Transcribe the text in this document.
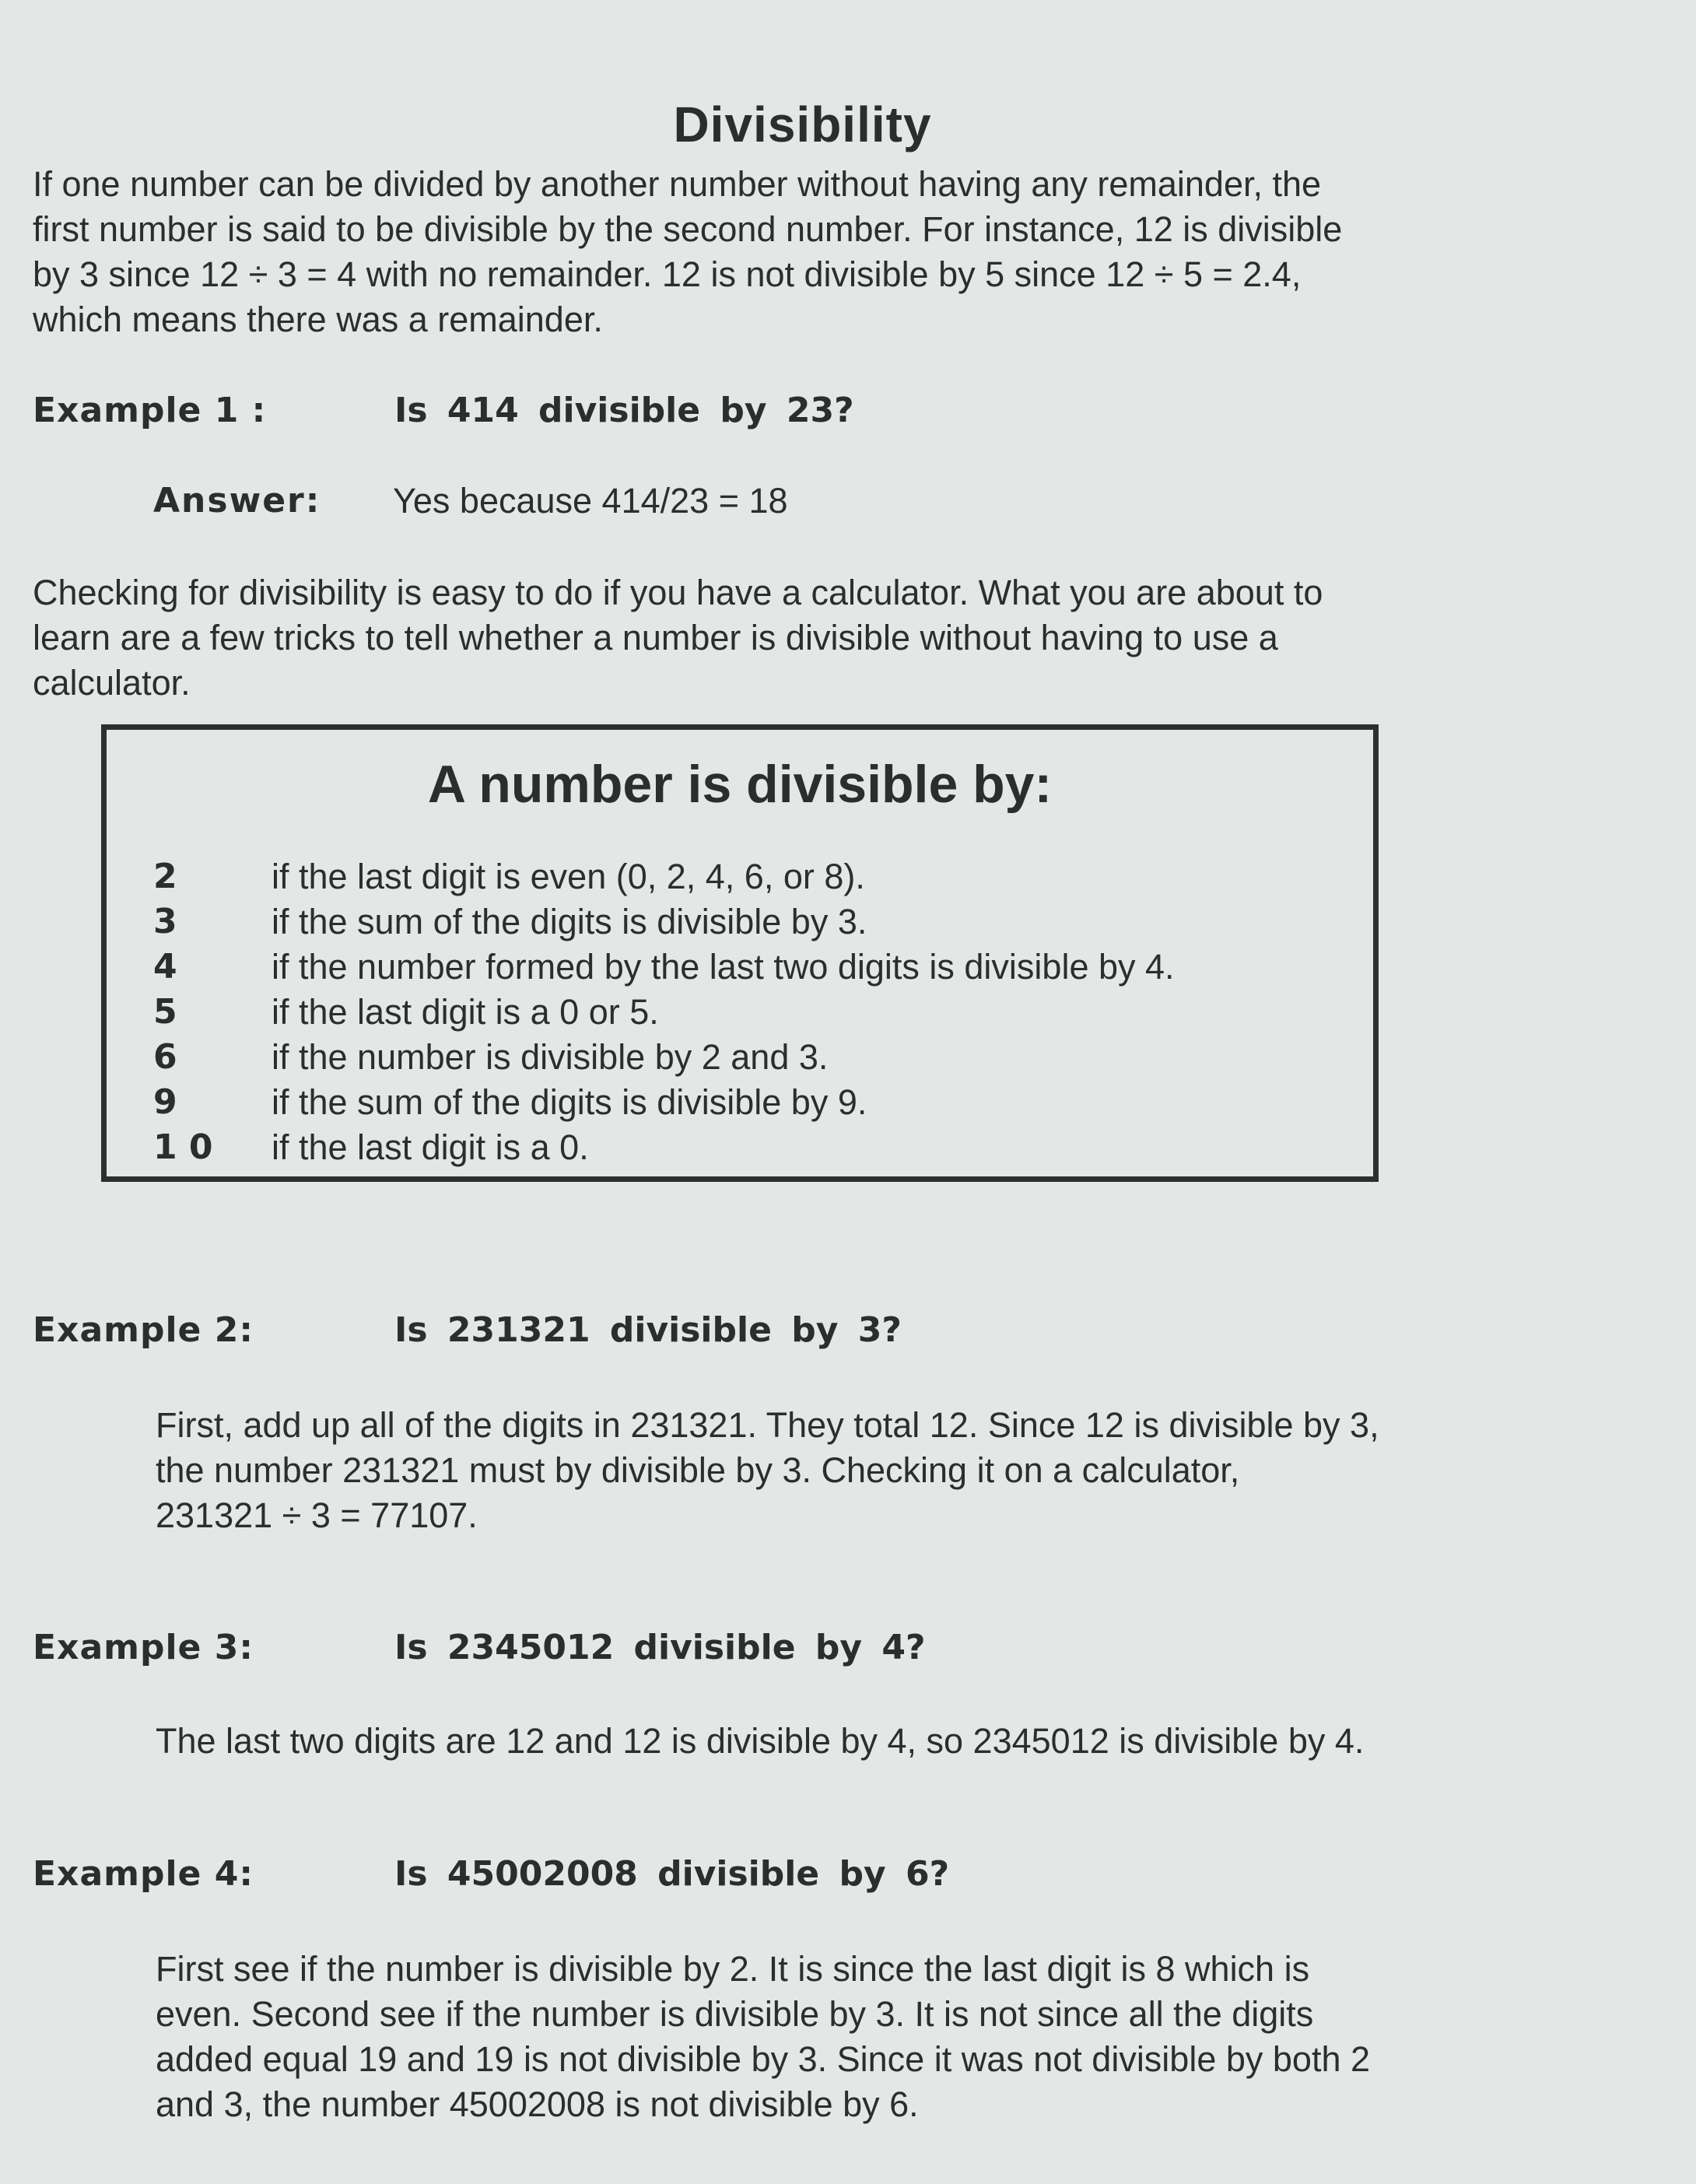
Divisibility

If one number can be divided by another number without having any remainder, the
first number is said to be divisible by the second number. For instance, 12 is divisible
by 3 since 12 ÷ 3 = 4 with no remainder. 12 is not divisible by 5 since 12 ÷ 5 = 2.4,
which means there was a remainder.

Example 1 :	Is 414 divisible by 23?
Answer: Yes because 414/23 = 18

Checking for divisibility is easy to do if you have a calculator. What you are about to
learn are a few tricks to tell whether a number is divisible without having to use a
calculator.

A number is divisible by:
2	if the last digit is even (0, 2, 4, 6, or 8).
3	if the sum of the digits is divisible by 3.
4	if the number formed by the last two digits is divisible by 4.
5	if the last digit is a 0 or 5.
6	if the number is divisible by 2 and 3.
9	if the sum of the digits is divisible by 9.
1 0	if the last digit is a 0.
Example 2:	Is 231321 divisible by 3?

First, add up all of the digits in 231321. They total 12. Since 12 is divisible by 3,
the number 231321 must by divisible by 3. Checking it on a calculator,
231321 ÷ 3 = 77107.

Example 3:	Is 2345012 divisible by 4?

The last two digits are 12 and 12 is divisible by 4, so 2345012 is divisible by 4.

Example 4:	Is 45002008 divisible by 6?

First see if the number is divisible by 2. It is since the last digit is 8 which is
even. Second see if the number is divisible by 3. It is not since all the digits
added equal 19 and 19 is not divisible by 3. Since it was not divisible by both 2
and 3, the number 45002008 is not divisible by 6.
